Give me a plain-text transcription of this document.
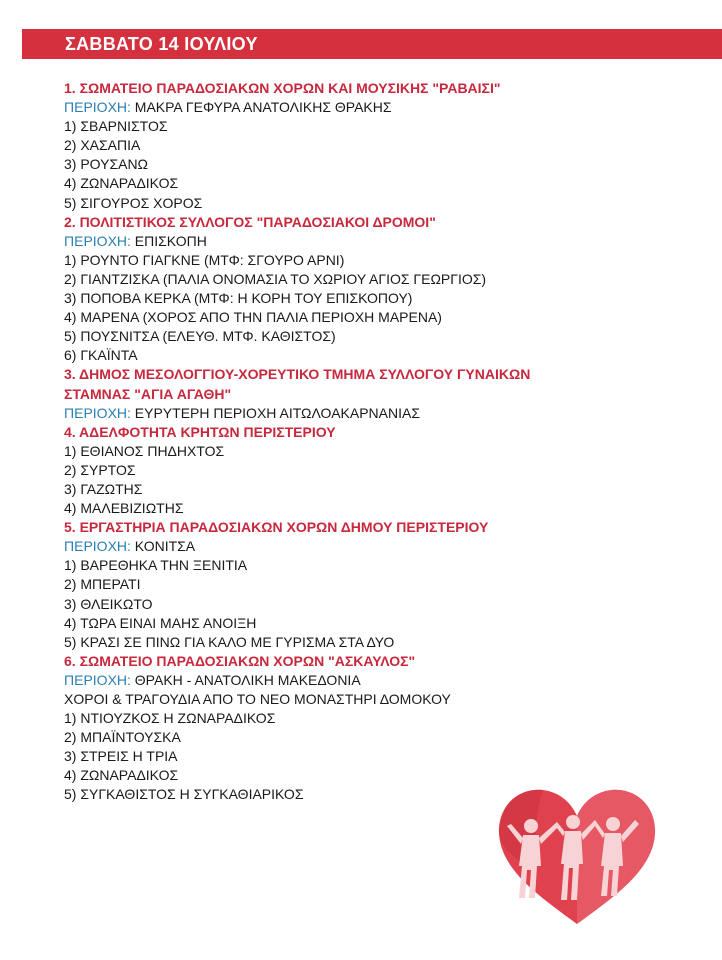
ΣΑΒΒΑΤΟ 14 ΙΟΥΛΙΟΥ
1. ΣΩΜΑΤΕΙΟ ΠΑΡΑΔΟΣΙΑΚΩΝ ΧΟΡΩΝ ΚΑΙ ΜΟΥΣΙΚΗΣ "ΡΑΒΑΙΣΙ"
ΠΕΡΙΟΧΗ: ΜΑΚΡΑ ΓΕΦΥΡΑ ΑΝΑΤΟΛΙΚΗΣ ΘΡΑΚΗΣ
1) ΣΒΑΡΝΙΣΤΟΣ
2) ΧΑΣΑΠΙΑ
3) ΡΟΥΣΑΝΩ
4) ΖΩΝΑΡΑΔΙΚΟΣ
5) ΣΙΓΟΥΡΟΣ ΧΟΡΟΣ
2. ΠΟΛΙΤΙΣΤΙΚΟΣ ΣΥΛΛΟΓΟΣ "ΠΑΡΑΔΟΣΙΑΚΟΙ ΔΡΟΜΟΙ"
ΠΕΡΙΟΧΗ: ΕΠΙΣΚΟΠΗ
1) ΡΟΥΝΤΟ ΓΙΑΓΚΝΕ (ΜΤΦ: ΣΓΟΥΡΟ ΑΡΝΙ)
2) ΓΙΑΝΤΖΙΣΚΑ (ΠΑΛΙΑ ΟΝΟΜΑΣΙΑ ΤΟ ΧΩΡΙΟΥ ΑΓΙΟΣ ΓΕΩΡΓΙΟΣ)
3) ΠΟΠΟΒΑ ΚΕΡΚΑ (ΜΤΦ: Η ΚΟΡΗ ΤΟΥ ΕΠΙΣΚΟΠΟΥ)
4) ΜΑΡΕΝΑ (ΧΟΡΟΣ ΑΠΟ ΤΗΝ ΠΑΛΙΑ ΠΕΡΙΟΧΗ ΜΑΡΕΝΑ)
5) ΠΟΥΣΝΙΤΣΑ (ΕΛΕΥΘ. ΜΤΦ. ΚΑΘΙΣΤΟΣ)
6) ΓΚΑΪΝΤΑ
3. ΔΗΜΟΣ ΜΕΣΟΛΟΓΓΙΟΥ-ΧΟΡΕΥΤΙΚΟ ΤΜΗΜΑ ΣΥΛΛΟΓΟΥ ΓΥΝΑΙΚΩΝ
ΣΤΑΜΝΑΣ "ΑΓΙΑ ΑΓΑΘΗ"
ΠΕΡΙΟΧΗ: ΕΥΡΥΤΕΡΗ ΠΕΡΙΟΧΗ ΑΙΤΩΛΟΑΚΑΡΝΑΝΙΑΣ
4. ΑΔΕΛΦΟΤΗΤΑ ΚΡΗΤΩΝ ΠΕΡΙΣΤΕΡΙΟΥ
1) ΕΘΙΑΝΟΣ ΠΗΔΗΧΤΟΣ
2) ΣΥΡΤΟΣ
3) ΓΑΖΩΤΗΣ
4) ΜΑΛΕΒΙΖΙΩΤΗΣ
5. ΕΡΓΑΣΤΗΡΙΑ ΠΑΡΑΔΟΣΙΑΚΩΝ ΧΟΡΩΝ ΔΗΜΟΥ ΠΕΡΙΣΤΕΡΙΟΥ
ΠΕΡΙΟΧΗ: ΚΟΝΙΤΣΑ
1) ΒΑΡΕΘΗΚΑ ΤΗΝ ΞΕΝΙΤΙΑ
2) ΜΠΕΡΑΤΙ
3) ΘΛΕΙΚΩΤΟ
4) ΤΩΡΑ ΕΙΝΑΙ ΜΑΗΣ ΑΝΟΙΞΗ
5) ΚΡΑΣΙ ΣΕ ΠΙΝΩ ΓΙΑ ΚΑΛΟ ΜΕ ΓΥΡΙΣΜΑ ΣΤΑ ΔΥΟ
6. ΣΩΜΑΤΕΙΟ ΠΑΡΑΔΟΣΙΑΚΩΝ ΧΟΡΩΝ "ΑΣΚΑΥΛΟΣ"
ΠΕΡΙΟΧΗ: ΘΡΑΚΗ - ΑΝΑΤΟΛΙΚΗ ΜΑΚΕΔΟΝΙΑ
ΧΟΡΟΙ & ΤΡΑΓΟΥΔΙΑ ΑΠΟ ΤΟ ΝΕΟ ΜΟΝΑΣΤΗΡΙ ΔΟΜΟΚΟΥ
1) ΝΤΙΟΥΖΚΟΣ Η ΖΩΝΑΡΑΔΙΚΟΣ
2) ΜΠΑΪΝΤΟΥΣΚΑ
3) ΣΤΡΕΙΣ Η ΤΡΙΑ
4) ΖΩΝΑΡΑΔΙΚΟΣ
5) ΣΥΓΚΑΘΙΣΤΟΣ Η ΣΥΓΚΑΘΙΑΡΙΚΟΣ
